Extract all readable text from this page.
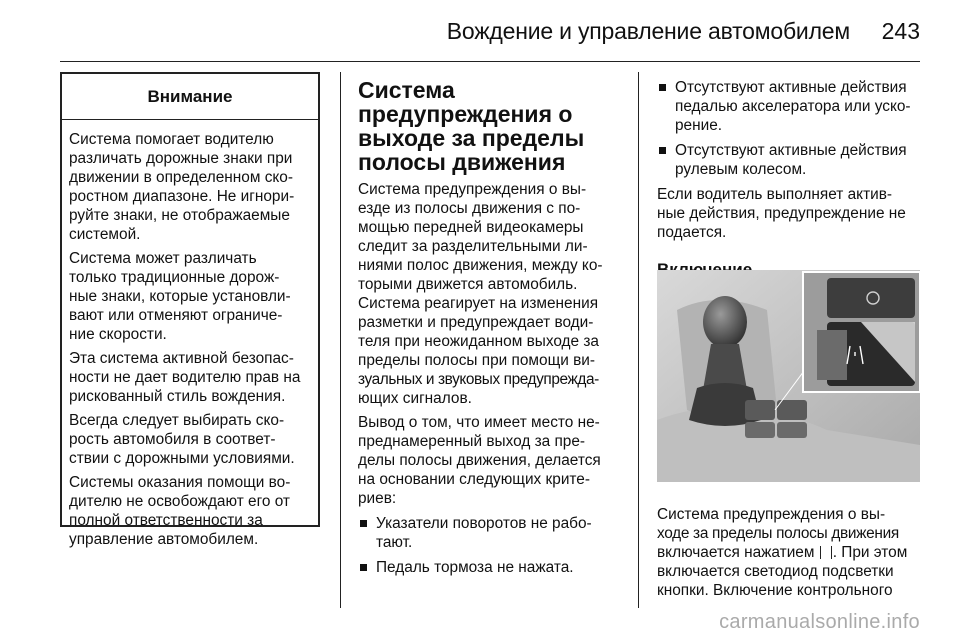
Вождение и управление автомобилем 243
Внимание
Система помогает водителю
различать дорожные знаки при
движении в определенном ско-
ростном диапазоне. Не игнори-
руйте знаки, не отображаемые
системой.
Система может различать
только традиционные дорож-
ные знаки, которые установли-
вают или отменяют ограниче-
ние скорости.
Эта система активной безопас-
ности не дает водителю прав на
рискованный стиль вождения.
Всегда следует выбирать ско-
рость автомобиля в соответ-
ствии с дорожными условиями.
Системы оказания помощи во-
дителю не освобождают его от
полной ответственности за
управление автомобилем.
Система
предупреждения о
выходе за пределы
полосы движения
Система предупреждения о вы-
езде из полосы движения с по-
мощью передней видеокамеры
следит за разделительными ли-
ниями полос движения, между ко-
торыми движется автомобиль.
Система реагирует на изменения
разметки и предупреждает води-
теля при неожиданном выходе за
пределы полосы при помощи ви-
зуальных и звуковых предупрежда-
ющих сигналов.
Вывод о том, что имеет место не-
преднамеренный выход за пре-
делы полосы движения, делается
на основании следующих крите-
риев:
Указатели поворотов не рабо-
тают.
Педаль тормоза не нажата.
Отсутствуют активные действия
педалью акселератора или уско-
рение.
Отсутствуют активные действия
рулевым колесом.
Если водитель выполняет актив-
ные действия, предупреждение не
подается.
Система предупреждения о вы-
ходе за пределы полосы движения
включается нажатием . При этом
включается светодиод подсветки
кнопки. Включение контрольного
carmanualsonline.info
